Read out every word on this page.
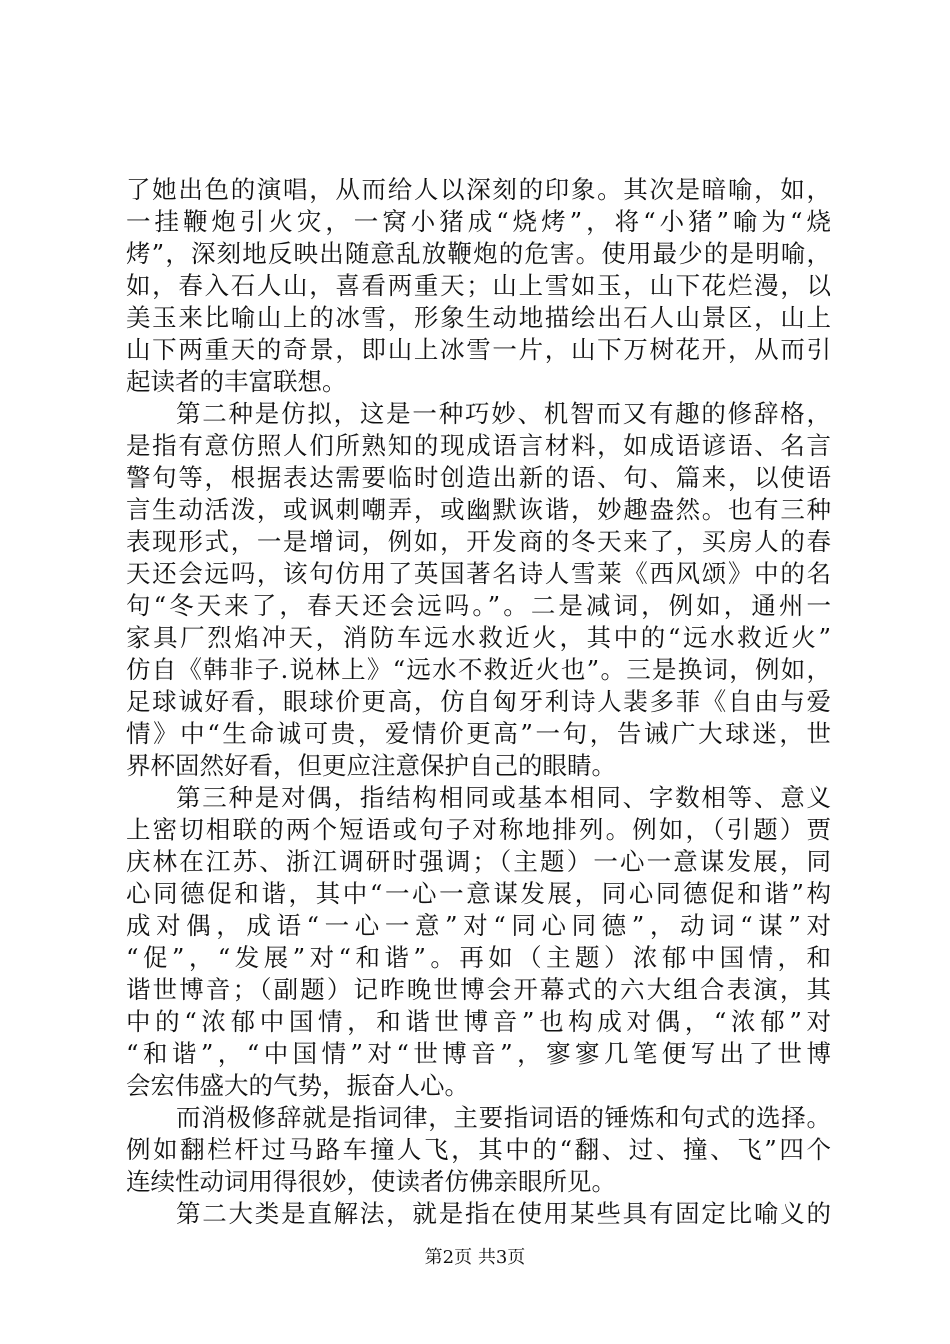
了她出色的演唱，从而给人以深刻的印象。其次是暗喻，如，
一挂鞭炮引火灾，一窝小猪成“烧烤”，将“小猪”喻为“烧
烤”，深刻地反映出随意乱放鞭炮的危害。使用最少的是明喻，
如，春入石人山，喜看两重天；山上雪如玉，山下花烂漫，以
美玉来比喻山上的冰雪，形象生动地描绘出石人山景区，山上
山下两重天的奇景，即山上冰雪一片，山下万树花开，从而引
起读者的丰富联想。
第二种是仿拟，这是一种巧妙、机智而又有趣的修辞格，
是指有意仿照人们所熟知的现成语言材料，如成语谚语、名言
警句等，根据表达需要临时创造出新的语、句、篇来，以使语
言生动活泼，或讽刺嘲弄，或幽默诙谐，妙趣盎然。也有三种
表现形式，一是增词，例如，开发商的冬天来了，买房人的春
天还会远吗，该句仿用了英国著名诗人雪莱《西风颂》中的名
句“冬天来了，春天还会远吗。”。二是减词，例如，通州一
家具厂烈焰冲天，消防车远水救近火，其中的“远水救近火”
仿自《韩非子.说林上》“远水不救近火也”。三是换词，例如，
足球诚好看，眼球价更高，仿自匈牙利诗人裴多菲《自由与爱
情》中“生命诚可贵，爱情价更高”一句，告诫广大球迷，世
界杯固然好看，但更应注意保护自己的眼睛。
第三种是对偶，指结构相同或基本相同、字数相等、意义
上密切相联的两个短语或句子对称地排列。例如，（引题）贾
庆林在江苏、浙江调研时强调；（主题）一心一意谋发展，同
心同德促和谐，其中“一心一意谋发展，同心同德促和谐”构
成对偶，成语“一心一意”对“同心同德”，动词“谋”对
“促”，“发展”对“和谐”。再如（主题）浓郁中国情，和
谐世博音；（副题）记昨晚世博会开幕式的六大组合表演，其
中的“浓郁中国情，和谐世博音”也构成对偶，“浓郁”对
“和谐”，“中国情”对“世博音”，寥寥几笔便写出了世博
会宏伟盛大的气势，振奋人心。
而消极修辞就是指词律，主要指词语的锤炼和句式的选择。
例如翻栏杆过马路车撞人飞，其中的“翻、过、撞、飞”四个
连续性动词用得很妙，使读者仿佛亲眼所见。
第二大类是直解法，就是指在使用某些具有固定比喻义的
第2页 共3页
